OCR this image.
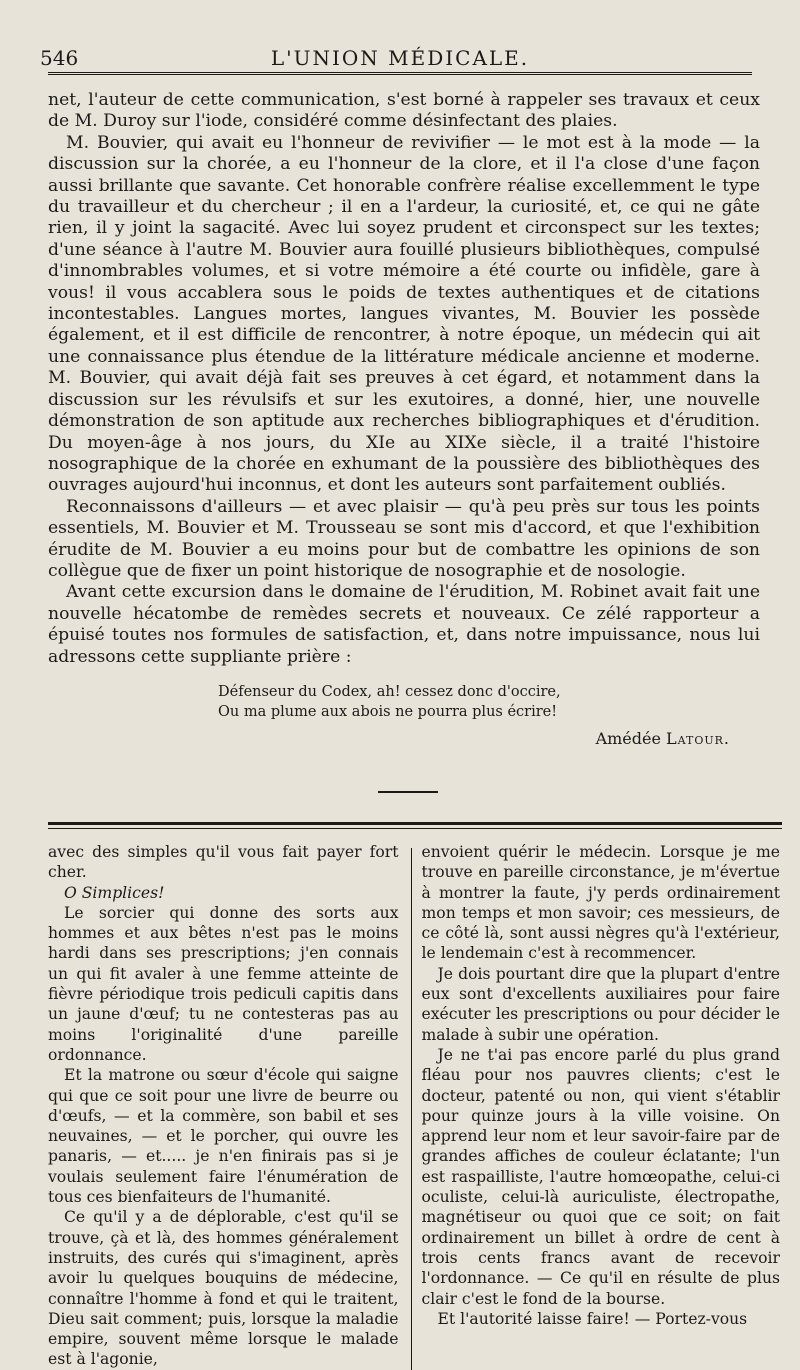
546	L'UNION MÉDICALE.

net, l'auteur de cette communication, s'est borné à rappeler ses travaux et ceux de M. Duroy sur l'iode, considéré comme désinfectant des plaies.

M. Bouvier, qui avait eu l'honneur de revivifier — le mot est à la mode — la discussion sur la chorée, a eu l'honneur de la clore, et il l'a close d'une façon aussi brillante que savante. Cet honorable confrère réalise excellemment le type du travailleur et du chercheur ; il en a l'ardeur, la curiosité, et, ce qui ne gâte rien, il y joint la sagacité. Avec lui soyez prudent et circonspect sur les textes; d'une séance à l'autre M. Bouvier aura fouillé plusieurs bibliothèques, compulsé d'innombrables volumes, et si votre mémoire a été courte ou infidèle, gare à vous! il vous accablera sous le poids de textes authentiques et de citations incontestables. Langues mortes, langues vivantes, M. Bouvier les possède également, et il est difficile de rencontrer, à notre époque, un médecin qui ait une connaissance plus étendue de la littérature médicale ancienne et moderne. M. Bouvier, qui avait déjà fait ses preuves à cet égard, et notamment dans la discussion sur les révulsifs et sur les exutoires, a donné, hier, une nouvelle démonstration de son aptitude aux recherches bibliographiques et d'érudition. Du moyen-âge à nos jours, du XIe au XIXe siècle, il a traité l'histoire nosographique de la chorée en exhumant de la poussière des bibliothèques des ouvrages aujourd'hui inconnus, et dont les auteurs sont parfaitement oubliés.

Reconnaissons d'ailleurs — et avec plaisir — qu'à peu près sur tous les points essentiels, M. Bouvier et M. Trousseau se sont mis d'accord, et que l'exhibition érudite de M. Bouvier a eu moins pour but de combattre les opinions de son collègue que de fixer un point historique de nosographie et de nosologie.

Avant cette excursion dans le domaine de l'érudition, M. Robinet avait fait une nouvelle hécatombe de remèdes secrets et nouveaux. Ce zélé rapporteur a épuisé toutes nos formules de satisfaction, et, dans notre impuissance, nous lui adressons cette suppliante prière :

Défenseur du Codex, ah! cessez donc d'occire,
Ou ma plume aux abois ne pourra plus écrire!
Amédée Latour.

avec des simples qu'il vous fait payer fort cher.

O Simplices!

Le sorcier qui donne des sorts aux hommes et aux bêtes n'est pas le moins hardi dans ses prescriptions; j'en connais un qui fit avaler à une femme atteinte de fièvre périodique trois pediculi capitis dans un jaune d'œuf; tu ne contesteras pas au moins l'originalité d'une pareille ordonnance.

Et la matrone ou sœur d'école qui saigne qui que ce soit pour une livre de beurre ou d'œufs, — et la commère, son babil et ses neuvaines, — et le porcher, qui ouvre les panaris, — et..... je n'en finirais pas si je voulais seulement faire l'énumération de tous ces bienfaiteurs de l'humanité.

Ce qu'il y a de déplorable, c'est qu'il se trouve, çà et là, des hommes généralement instruits, des curés qui s'imaginent, après avoir lu quelques bouquins de médecine, connaître l'homme à fond et qui le traitent, Dieu sait comment; puis, lorsque la maladie empire, souvent même lorsque le malade est à l'agonie,

envoient quérir le médecin. Lorsque je me trouve en pareille circonstance, je m'évertue à montrer la faute, j'y perds ordinairement mon temps et mon savoir; ces messieurs, de ce côté là, sont aussi nègres qu'à l'extérieur, le lendemain c'est à recommencer.

Je dois pourtant dire que la plupart d'entre eux sont d'excellents auxiliaires pour faire exécuter les prescriptions ou pour décider le malade à subir une opération.

Je ne t'ai pas encore parlé du plus grand fléau pour nos pauvres clients; c'est le docteur, patenté ou non, qui vient s'établir pour quinze jours à la ville voisine. On apprend leur nom et leur savoir-faire par de grandes affiches de couleur éclatante; l'un est raspailliste, l'autre homœopathe, celui-ci oculiste, celui-là auriculiste, électropathe, magnétiseur ou quoi que ce soit; on fait ordinairement un billet à ordre de cent à trois cents francs avant de recevoir l'ordonnance. — Ce qu'il en résulte de plus clair c'est le fond de la bourse.

Et l'autorité laisse faire! — Portez-vous
